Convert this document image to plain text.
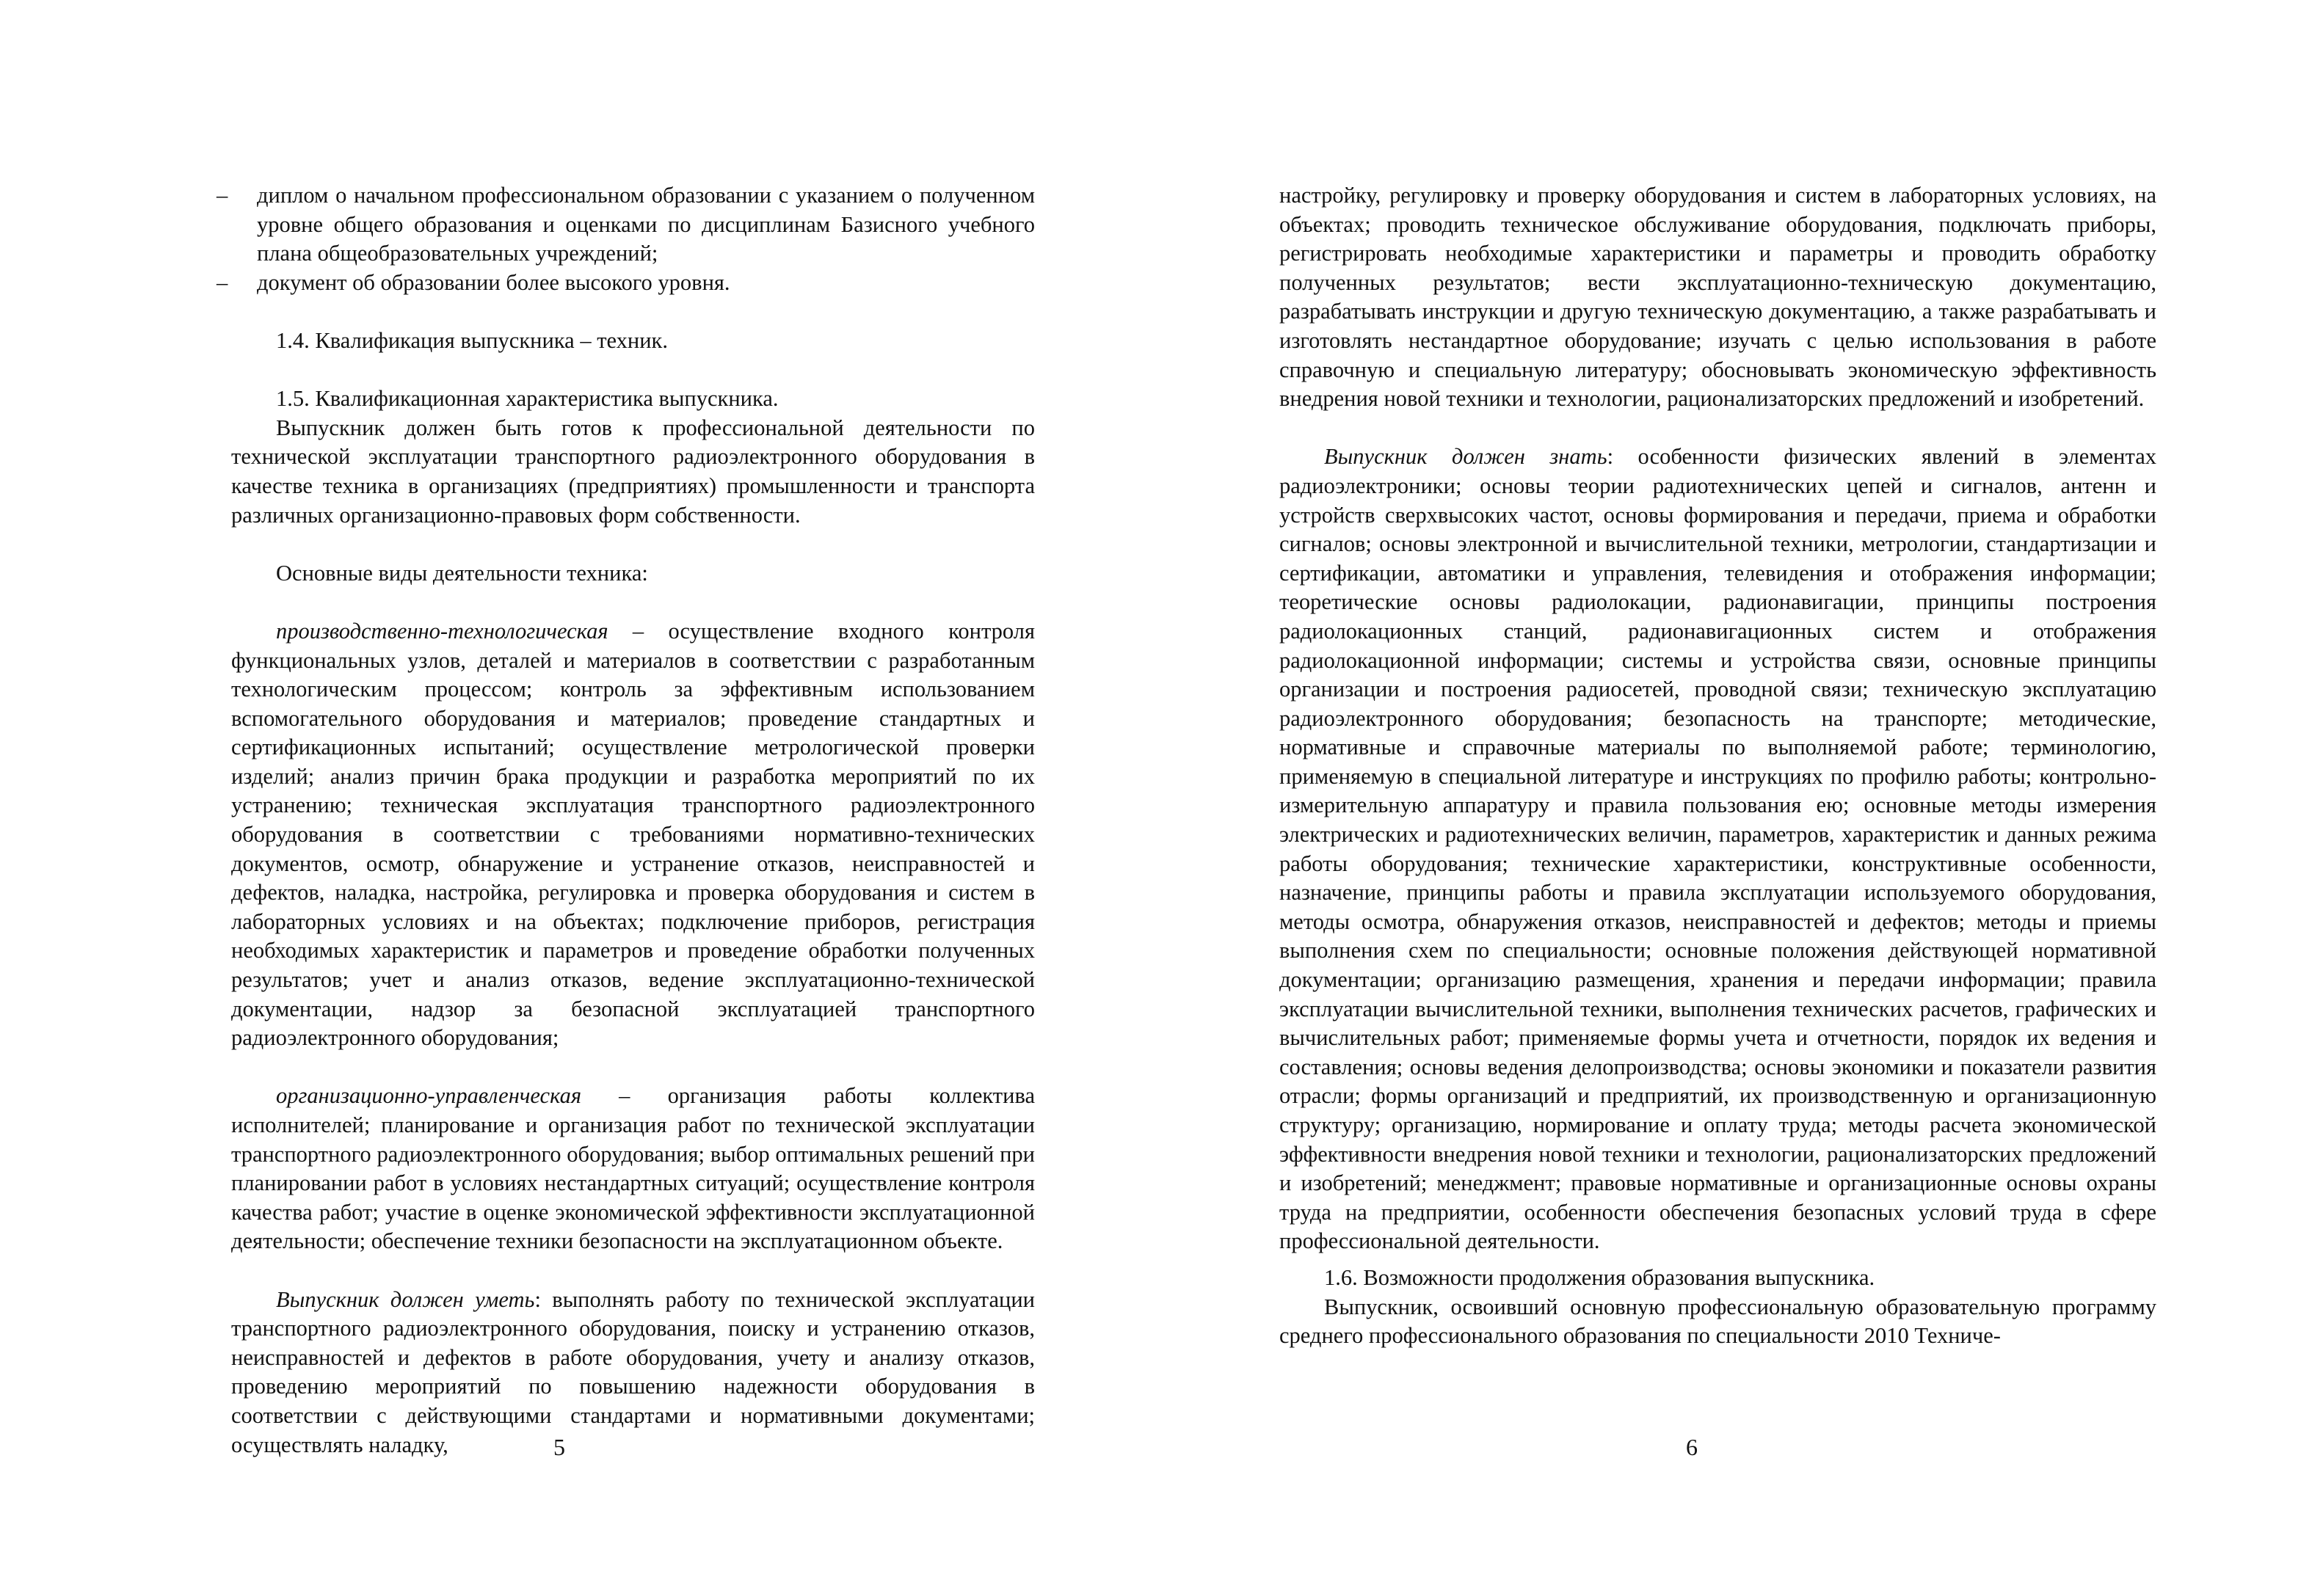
– диплом о начальном профессиональном образовании с указанием о полученном уровне общего образования и оценками по дисциплинам Базисного учебного плана общеобразовательных учреждений;
– документ об образовании более высокого уровня.

1.4. Квалификация выпускника – техник.

1.5. Квалификационная характеристика выпускника.

Выпускник должен быть готов к профессиональной деятельности по технической эксплуатации транспортного радиоэлектронного оборудования в качестве техника в организациях (предприятиях) промышленности и транспорта различных организационно-правовых форм собственности.

Основные виды деятельности техника:

производственно-технологическая – осуществление входного контроля функциональных узлов, деталей и материалов в соответствии с разработанным технологическим процессом; контроль за эффективным использованием вспомогательного оборудования и материалов; проведение стандартных и сертификационных испытаний; осуществление метрологической проверки изделий; анализ причин брака продукции и разработка мероприятий по их устранению; техническая эксплуатация транспортного радиоэлектронного оборудования в соответствии с требованиями нормативно-технических документов, осмотр, обнаружение и устранение отказов, неисправностей и дефектов, наладка, настройка, регулировка и проверка оборудования и систем в лабораторных условиях и на объектах; подключение приборов, регистрация необходимых характеристик и параметров и проведение обработки полученных результатов; учет и анализ отказов, ведение эксплуатационно-технической документации, надзор за безопасной эксплуатацией транспортного радиоэлектронного оборудования;

организационно-управленческая – организация работы коллектива исполнителей; планирование и организация работ по технической эксплуатации транспортного радиоэлектронного оборудования; выбор оптимальных решений при планировании работ в условиях нестандартных ситуаций; осуществление контроля качества работ; участие в оценке экономической эффективности эксплуатационной деятельности; обеспечение техники безопасности на эксплуатационном объекте.

Выпускник должен уметь: выполнять работу по технической эксплуатации транспортного радиоэлектронного оборудования, поиску и устранению отказов, неисправностей и дефектов в работе оборудования, учету и анализу отказов, проведению мероприятий по повышению надежности оборудования в соответствии с действующими стандартами и нормативными документами; осуществлять наладку,	5

настройку, регулировку и проверку оборудования и систем в лабораторных условиях, на объектах; проводить техническое обслуживание оборудования, подключать приборы, регистрировать необходимые характеристики и параметры и проводить обработку полученных результатов; вести эксплуатационно-техническую документацию, разрабатывать инструкции и другую техническую документацию, а также разрабатывать и изготовлять нестандартное оборудование; изучать с целью использования в работе справочную и специальную литературу; обосновывать экономическую эффективность внедрения новой техники и технологии, рационализаторских предложений и изобретений.

Выпускник должен знать: особенности физических явлений в элементах радиоэлектроники; основы теории радиотехнических цепей и сигналов, антенн и устройств сверхвысоких частот, основы формирования и передачи, приема и обработки сигналов; основы электронной и вычислительной техники, метрологии, стандартизации и сертификации, автоматики и управления, телевидения и отображения информации; теоретические основы радиолокации, радионавигации, принципы построения радиолокационных станций, радионавигационных систем и отображения радиолокационной информации; системы и устройства связи, основные принципы организации и построения радиосетей, проводной связи; техническую эксплуатацию радиоэлектронного оборудования; безопасность на транспорте; методические, нормативные и справочные материалы по выполняемой работе; терминологию, применяемую в специальной литературе и инструкциях по профилю работы; контрольно-измерительную аппаратуру и правила пользования ею; основные методы измерения электрических и радиотехнических величин, параметров, характеристик и данных режима работы оборудования; технические характеристики, конструктивные особенности, назначение, принципы работы и правила эксплуатации используемого оборудования, методы осмотра, обнаружения отказов, неисправностей и дефектов; методы и приемы выполнения схем по специальности; основные положения действующей нормативной документации; организацию размещения, хранения и передачи информации; правила эксплуатации вычислительной техники, выполнения технических расчетов, графических и вычислительных работ; применяемые формы учета и отчетности, порядок их ведения и составления; основы ведения делопроизводства; основы экономики и показатели развития отрасли; формы организаций и предприятий, их производственную и организационную структуру; организацию, нормирование и оплату труда; методы расчета экономической эффективности внедрения новой техники и технологии, рационализаторских предложений и изобретений; менеджмент; правовые нормативные и организационные основы охраны труда на предприятии, особенности обеспечения безопасных условий труда в сфере профессиональной деятельности.

1.6. Возможности продолжения образования выпускника.

Выпускник, освоивший основную профессиональную образовательную программу среднего профессионального образования по специальности 2010 Техниче-

6
